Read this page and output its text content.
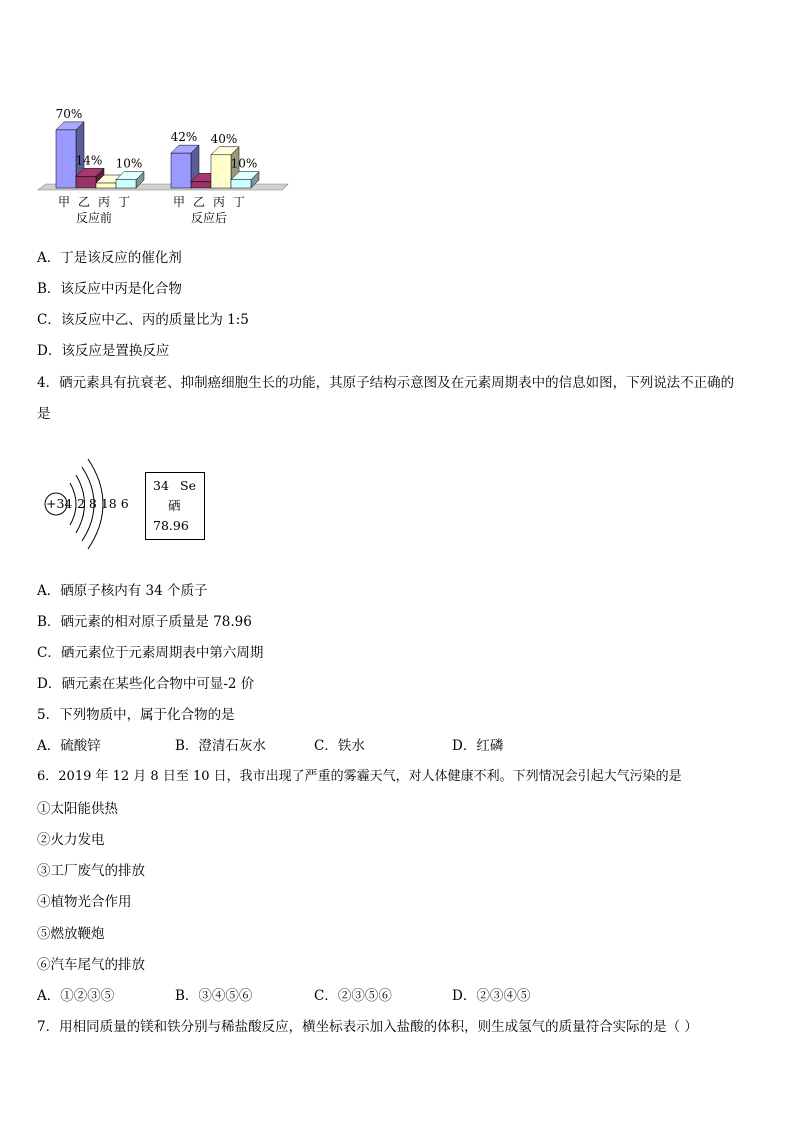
70%
甲
14%
乙 丙
10%
丁
反应前
42%
甲 乙
40%
丙
10%
丁
反应后
A．丁是该反应的催化剂
B．该反应中丙是化合物
C．该反应中乙、丙的质量比为 1:5
D．该反应是置换反应
4．硒元素具有抗衰老、抑制癌细胞生长的功能，其原子结构示意图及在元素周期表中的信息如图，下列说法不正确的
是
+34 2 8 18 6
34 Se
硒
78.96
A．硒原子核内有 34 个质子
B．硒元素的相对原子质量是 78.96
C．硒元素位于元素周期表中第六周期
D．硒元素在某些化合物中可显-2 价
5．下列物质中，属于化合物的是
A．硫酸锌	B．澄清石灰水	C．铁水	D．红磷
6．2019 年 12 月 8 日至 10 日，我市出现了严重的雾霾天气，对人体健康不利。下列情况会引起大气污染的是
①太阳能供热
②火力发电
③工厂废气的排放
④植物光合作用
⑤燃放鞭炮
⑥汽车尾气的排放
A．①②③⑤	B．③④⑤⑥	C．②③⑤⑥	D．②③④⑤
7．用相同质量的镁和铁分别与稀盐酸反应，横坐标表示加入盐酸的体积，则生成氢气的质量符合实际的是（ ）
